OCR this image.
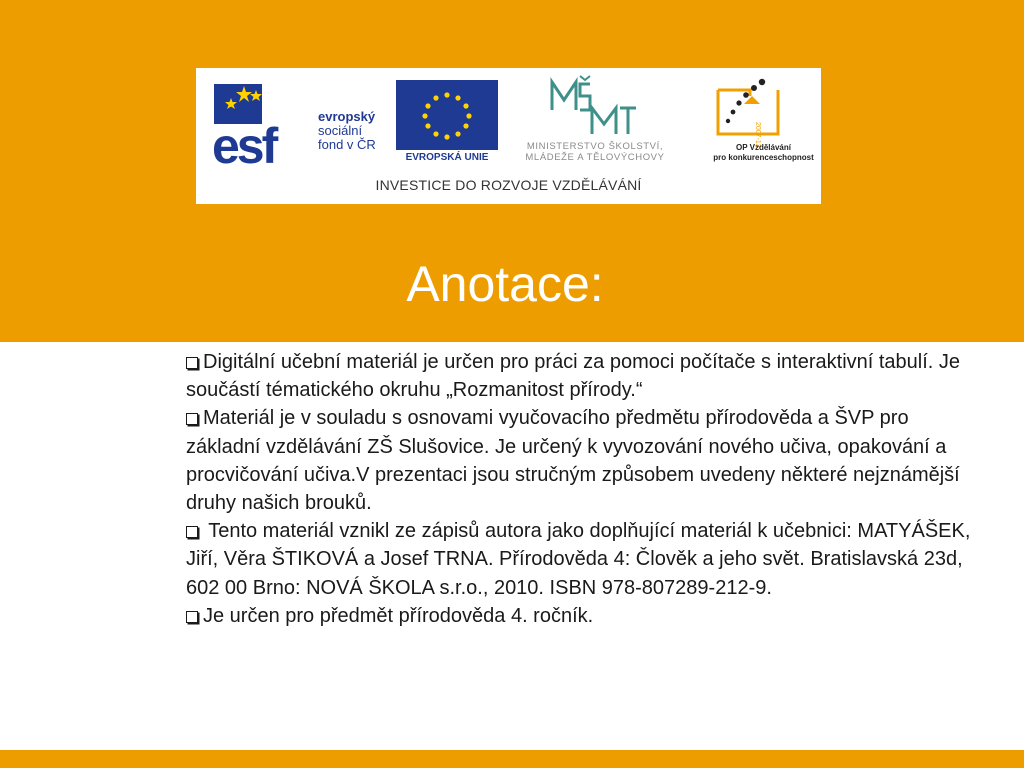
esf	2007-13
evropský
sociální
fond v ČR
EVROPSKÁ UNIE
MINISTERSTVO ŠKOLSTVÍ,
MLÁDEŽE A TĚLOVÝCHOVY
OP Vzdělávání
pro konkurenceschopnost
INVESTICE DO ROZVOJE VZDĚLÁVÁNÍ
Anotace:

Digitální učební materiál je určen pro práci za pomoci počítače s interaktivní tabulí. Je součástí tématického okruhu „Rozmanitost přírody.“

Materiál je v souladu s osnovami vyučovacího předmětu přírodověda a ŠVP pro základní vzdělávání ZŠ Slušovice. Je určený k vyvozování nového učiva, opakování a procvičování učiva.V prezentaci jsou stručným způsobem uvedeny některé nejznámější druhy našich brouků.

Tento materiál vznikl ze zápisů autora jako doplňující materiál k učebnici: MATYÁŠEK, Jiří, Věra ŠTIKOVÁ a Josef TRNA. Přírodověda 4: Člověk a jeho svět. Bratislavská 23d, 602 00 Brno: NOVÁ ŠKOLA s.r.o., 2010. ISBN 978-807289-212-9.

Je určen pro předmět přírodověda 4. ročník.
